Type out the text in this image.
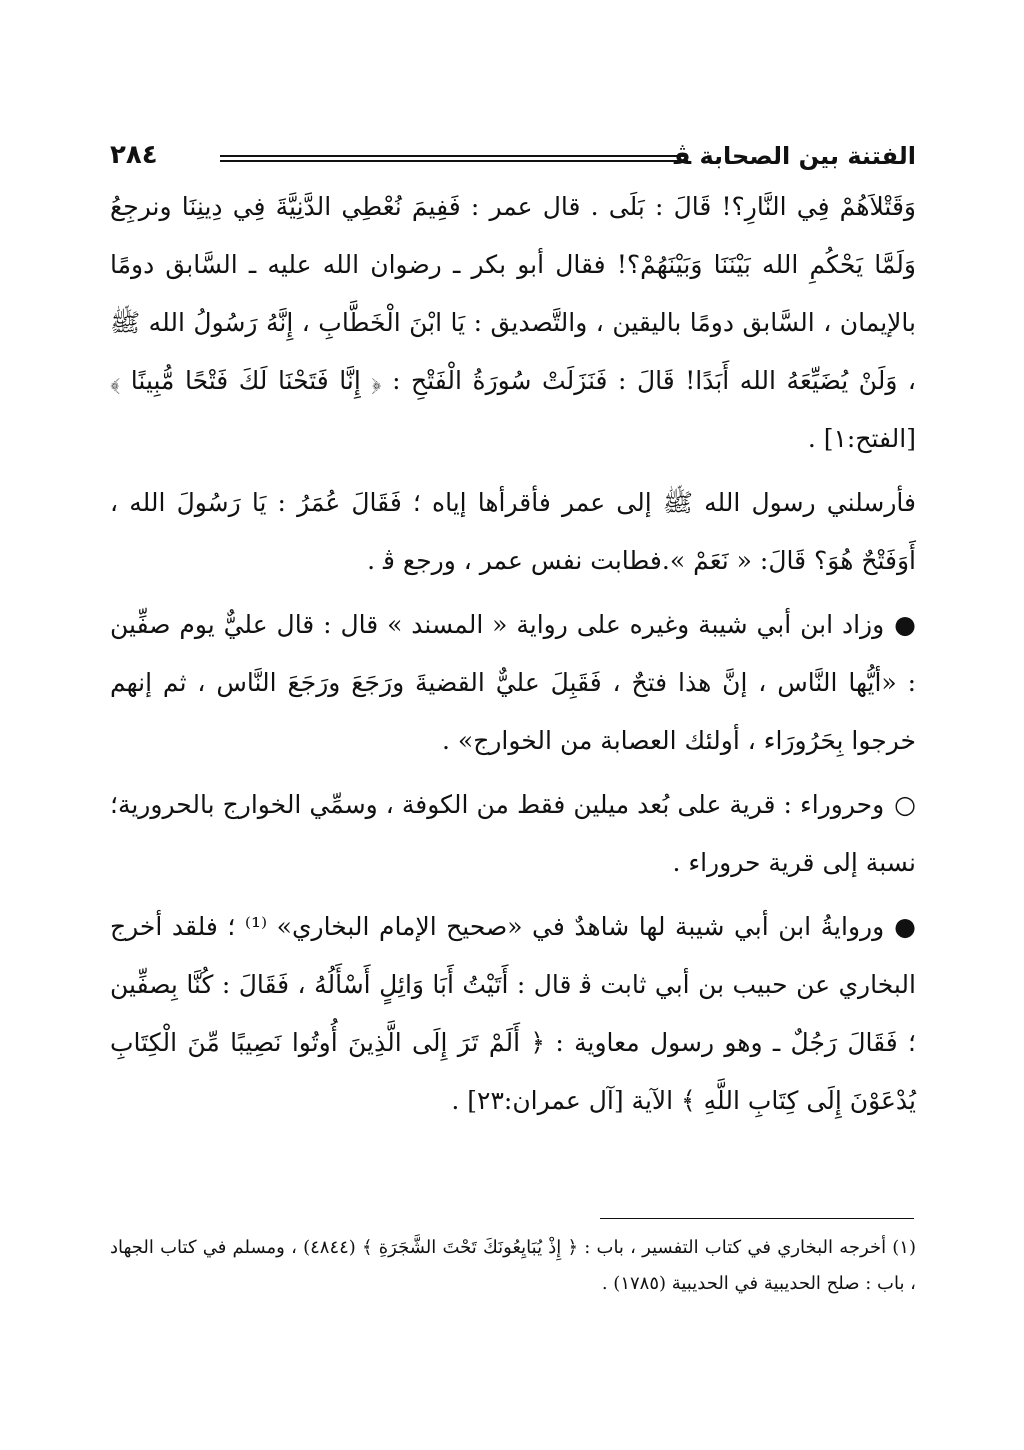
الفتنة بين الصحابة ﭭ
٢٨٤

وَقَتْلاَهُمْ فِي النَّارِ؟! قَالَ : بَلَى . قال عمر : فَفِيمَ نُعْطِي الدَّنِيَّةَ فِي دِينِنَا ونرجِعُ وَلَمَّا يَحْكُمِ الله بَيْنَنَا وَبَيْنَهُمْ؟! فقال أبو بكر ـ رضوان الله عليه ـ السَّابق دومًا بالإيمان ، السَّابق دومًا باليقين ، والتَّصديق : يَا ابْنَ الْخَطَّابِ ، إِنَّهُ رَسُولُ الله ﷺ ، وَلَنْ يُضَيِّعَهُ الله أَبَدًا! قَالَ : فَنَزَلَتْ سُورَةُ الْفَتْحِ : ﴿ إِنَّا فَتَحْنَا لَكَ فَتْحًا مُّبِينًا ﴾ [الفتح:١] .

فأرسلني رسول الله ﷺ إلى عمر فأقرأها إياه ؛ فَقَالَ عُمَرُ : يَا رَسُولَ الله ، أَوَفَتْحٌ هُوَ؟ قَالَ: « نَعَمْ ».فطابت نفس عمر ، ورجع ﭬ .

●وزاد ابن أبي شيبة وغيره على رواية « المسند » قال : قال عليٌّ يوم صفِّين : «أيُّها النَّاس ، إنَّ هذا فتحٌ ، فَقَبِلَ عليٌّ القضيةَ ورَجَعَ ورَجَعَ النَّاس ، ثم إنهم خرجوا بِحَرُورَاء ، أولئك العصابة من الخوارج» .

○وحروراء : قرية على بُعد ميلين فقط من الكوفة ، وسمِّي الخوارج بالحرورية؛ نسبة إلى قرية حروراء .

●وروايةُ ابن أبي شيبة لها شاهدٌ في «صحيح الإمام البخاري» ⁽¹⁾ ؛ فلقد أخرج البخاري عن حبيب بن أبي ثابت ﭬ قال : أَتَيْتُ أَبَا وَائِلٍ أَسْأَلُهُ ، فَقَالَ : كُنَّا بِصفِّين ؛ فَقَالَ رَجُلٌ ـ وهو رسول معاوية : ﴿ أَلَمْ تَرَ إِلَى الَّذِينَ أُوتُوا نَصِيبًا مِّنَ الْكِتَابِ يُدْعَوْنَ إِلَى كِتَابِ اللَّهِ ﴾ الآية [آل عمران:٢٣] .

(١) أخرجه البخاري في كتاب التفسير ، باب : ﴿ إِذْ يُبَايِعُونَكَ تَحْتَ الشَّجَرَةِ ﴾ (٤٨٤٤) ، ومسلم في كتاب الجهاد ، باب : صلح الحديبية في الحديبية (١٧٨٥) .
